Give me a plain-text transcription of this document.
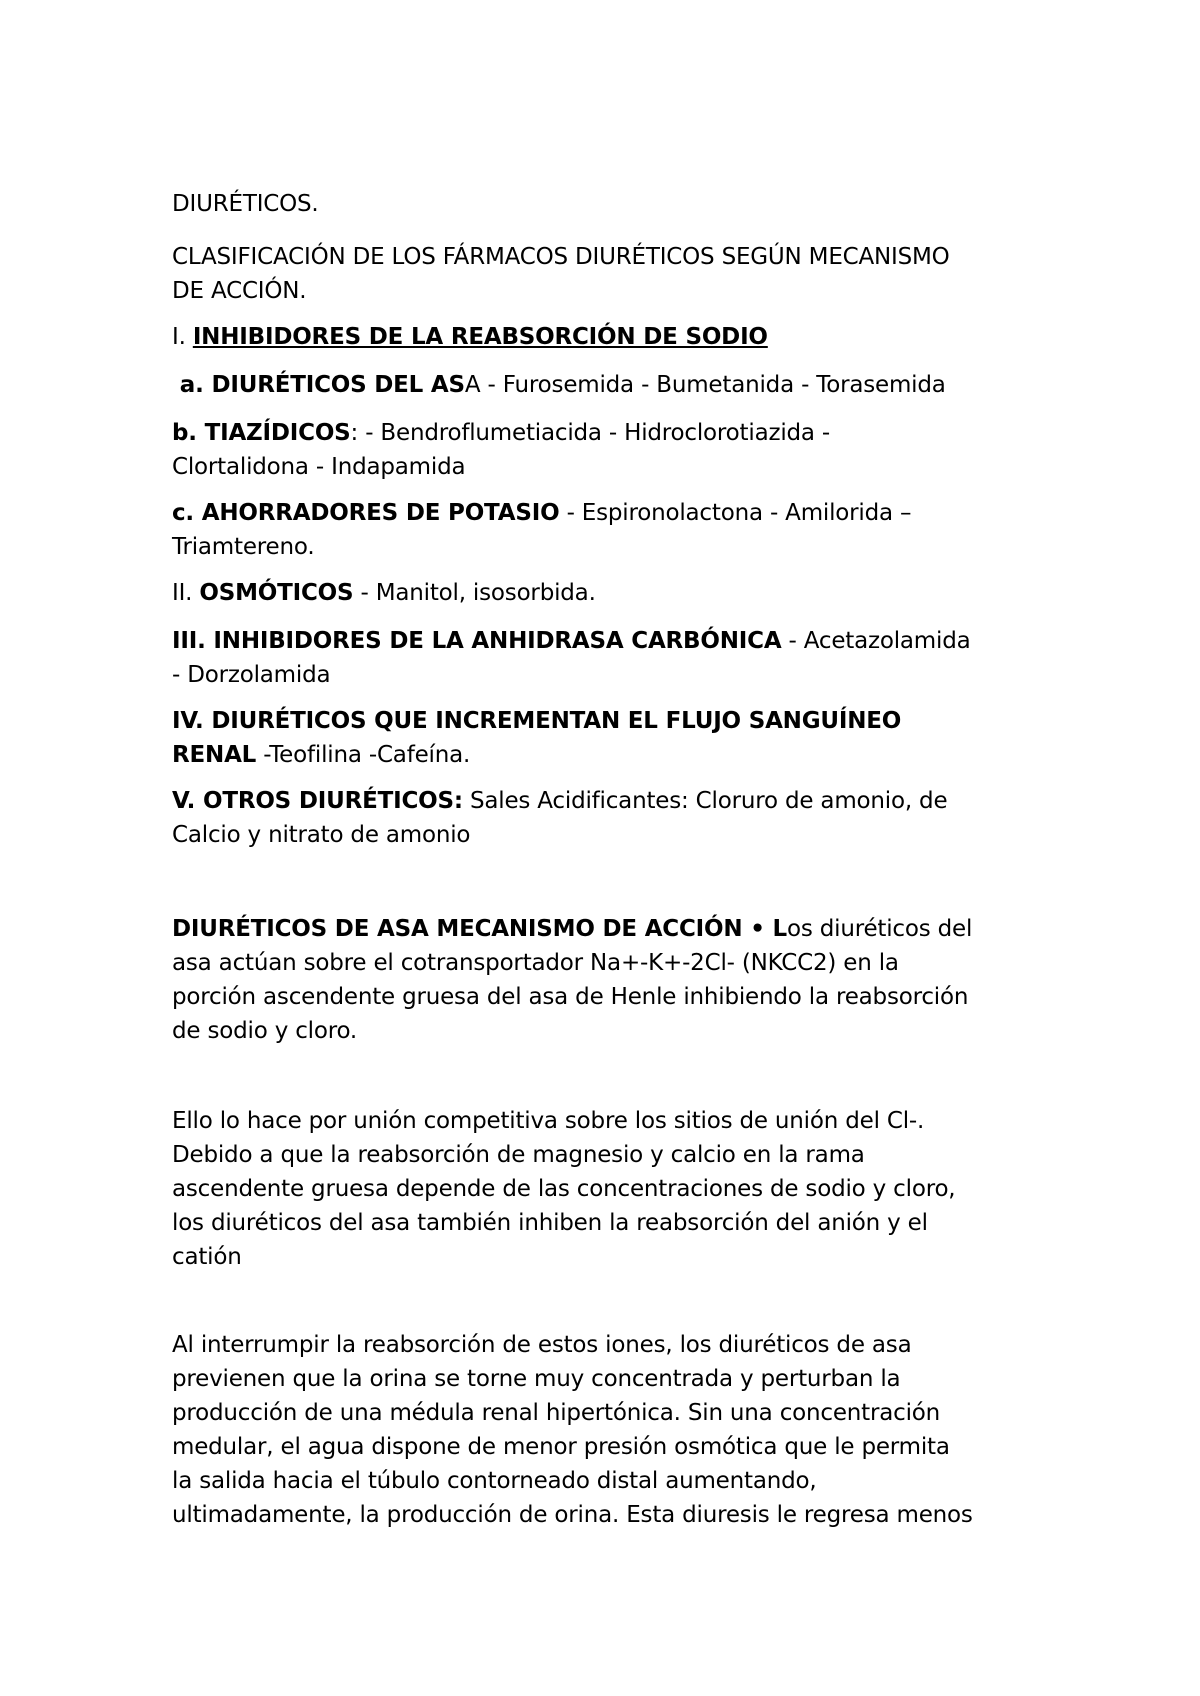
DIURÉTICOS.

CLASIFICACIÓN DE LOS FÁRMACOS DIURÉTICOS SEGÚN MECANISMO
DE ACCIÓN.

I. INHIBIDORES DE LA REABSORCIÓN DE SODIO

a. DIURÉTICOS DEL ASA - Furosemida - Bumetanida - Torasemida

b. TIAZÍDICOS: - Bendroflumetiacida - Hidroclorotiazida -
Clortalidona - Indapamida

c. AHORRADORES DE POTASIO - Espironolactona - Amilorida –
Triamtereno.

II. OSMÓTICOS - Manitol, isosorbida.

III. INHIBIDORES DE LA ANHIDRASA CARBÓNICA - Acetazolamida
- Dorzolamida

IV. DIURÉTICOS QUE INCREMENTAN EL FLUJO SANGUÍNEO
RENAL -Teofilina -Cafeína.

V. OTROS DIURÉTICOS: Sales Acidificantes: Cloruro de amonio, de
Calcio y nitrato de amonio

DIURÉTICOS DE ASA MECANISMO DE ACCIÓN • Los diuréticos del
asa actúan sobre el cotransportador Na+-K+-2Cl- (NKCC2) en la
porción ascendente gruesa del asa de Henle inhibiendo la reabsorción
de sodio y cloro.

Ello lo hace por unión competitiva sobre los sitios de unión del Cl-.
Debido a que la reabsorción de magnesio y calcio en la rama
ascendente gruesa depende de las concentraciones de sodio y cloro,
los diuréticos del asa también inhiben la reabsorción del anión y el
catión

Al interrumpir la reabsorción de estos iones, los diuréticos de asa
previenen que la orina se torne muy concentrada y perturban la
producción de una médula renal hipertónica. Sin una concentración
medular, el agua dispone de menor presión osmótica que le permita
la salida hacia el túbulo contorneado distal aumentando,
ultimadamente, la producción de orina. Esta diuresis le regresa menos
